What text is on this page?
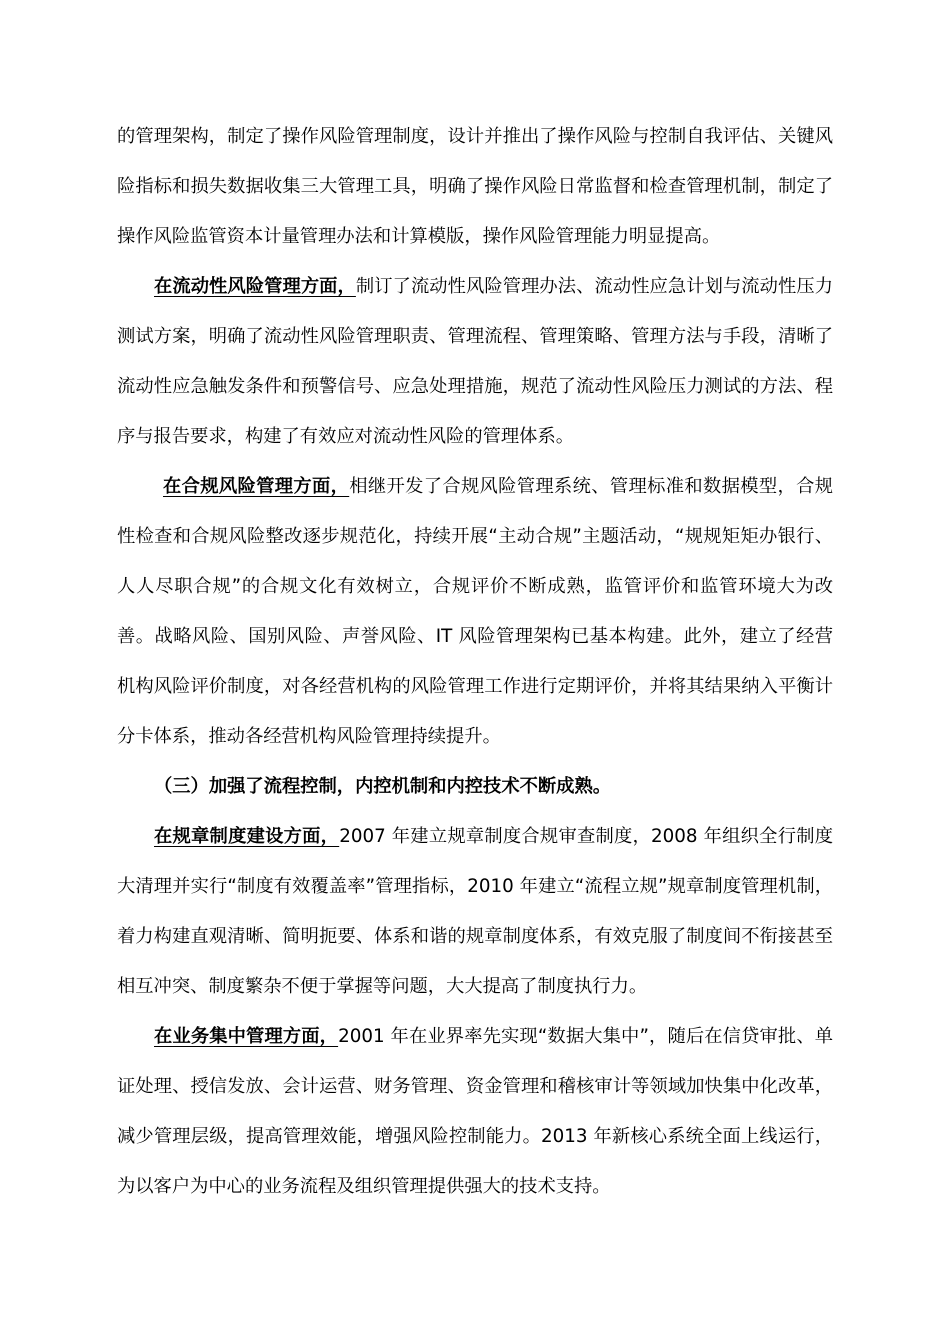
的管理架构，制定了操作风险管理制度，设计并推出了操作风险与控制自我评估、关键风险指标和损失数据收集三大管理工具，明确了操作风险日常监督和检查管理机制，制定了操作风险监管资本计量管理办法和计算模版，操作风险管理能力明显提高。

在流动性风险管理方面，制订了流动性风险管理办法、流动性应急计划与流动性压力测试方案，明确了流动性风险管理职责、管理流程、管理策略、管理方法与手段，清晰了流动性应急触发条件和预警信号、应急处理措施，规范了流动性风险压力测试的方法、程序与报告要求，构建了有效应对流动性风险的管理体系。

在合规风险管理方面，相继开发了合规风险管理系统、管理标准和数据模型，合规性检查和合规风险整改逐步规范化，持续开展“主动合规”主题活动，“规规矩矩办银行、人人尽职合规”的合规文化有效树立，合规评价不断成熟，监管评价和监管环境大为改善。战略风险、国别风险、声誉风险、IT 风险管理架构已基本构建。此外，建立了经营机构风险评价制度，对各经营机构的风险管理工作进行定期评价，并将其结果纳入平衡计分卡体系，推动各经营机构风险管理持续提升。

（三）加强了流程控制，内控机制和内控技术不断成熟。

在规章制度建设方面，2007 年建立规章制度合规审查制度，2008 年组织全行制度大清理并实行“制度有效覆盖率”管理指标，2010 年建立“流程立规”规章制度管理机制，着力构建直观清晰、简明扼要、体系和谐的规章制度体系，有效克服了制度间不衔接甚至相互冲突、制度繁杂不便于掌握等问题，大大提高了制度执行力。

在业务集中管理方面，2001 年在业界率先实现“数据大集中”，随后在信贷审批、单证处理、授信发放、会计运营、财务管理、资金管理和稽核审计等领域加快集中化改革，减少管理层级，提高管理效能，增强风险控制能力。2013 年新核心系统全面上线运行，为以客户为中心的业务流程及组织管理提供强大的技术支持。
